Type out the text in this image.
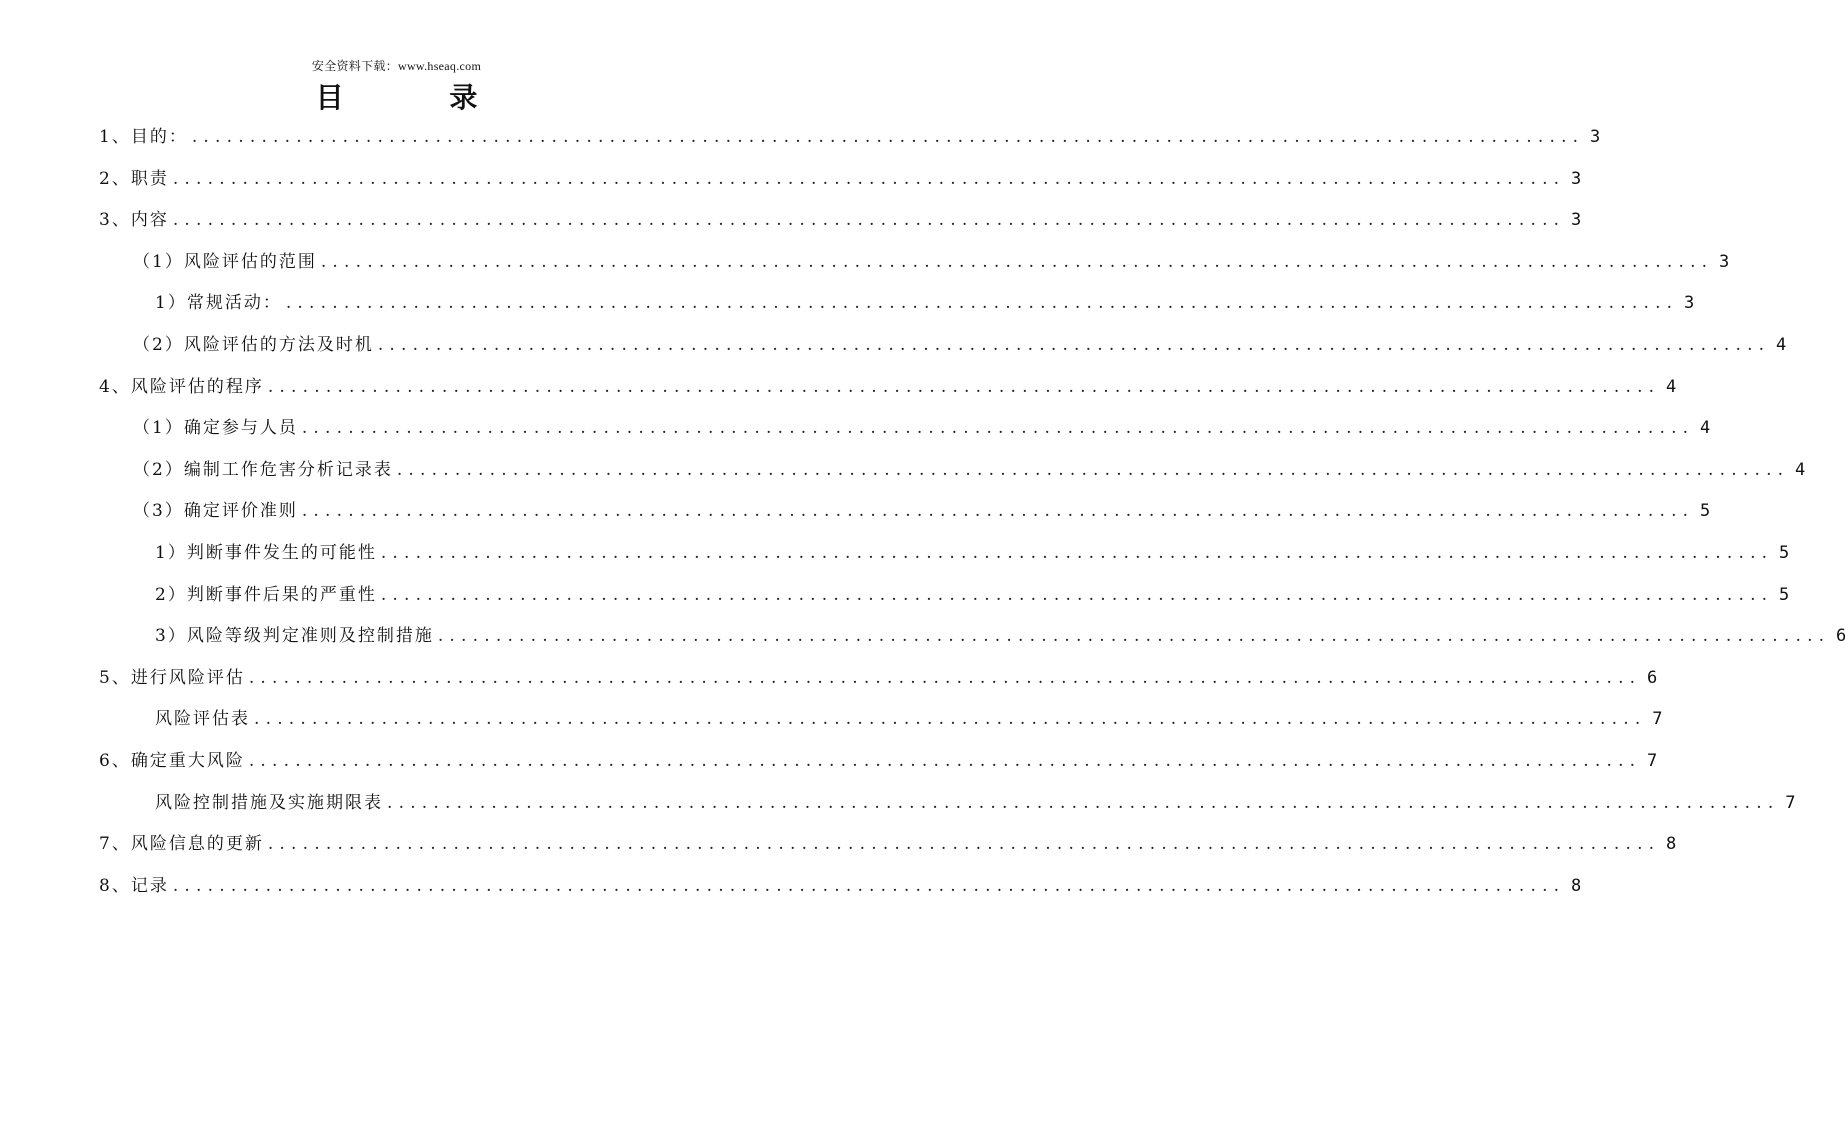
安全资料下载：www.hseaq.com
目 录
1、目的： ........................................................................................................................ 3
2、职责 ........................................................................................................................ 3
3、内容 ........................................................................................................................ 3
（1）风险评估的范围 ........................................................................................................................ 3
1）常规活动： ........................................................................................................................ 3
（2）风险评估的方法及时机 ........................................................................................................................ 4
4、风险评估的程序 ........................................................................................................................ 4
（1）确定参与人员 ........................................................................................................................ 4
（2）编制工作危害分析记录表 ........................................................................................................................ 4
（3）确定评价准则 ........................................................................................................................ 5
1）判断事件发生的可能性 ........................................................................................................................ 5
2）判断事件后果的严重性 ........................................................................................................................ 5
3）风险等级判定准则及控制措施 ........................................................................................................................ 6
5、进行风险评估 ........................................................................................................................ 6
风险评估表 ........................................................................................................................ 7
6、确定重大风险 ........................................................................................................................ 7
风险控制措施及实施期限表 ........................................................................................................................ 7
7、风险信息的更新 ........................................................................................................................ 8
8、记录 ........................................................................................................................ 8
